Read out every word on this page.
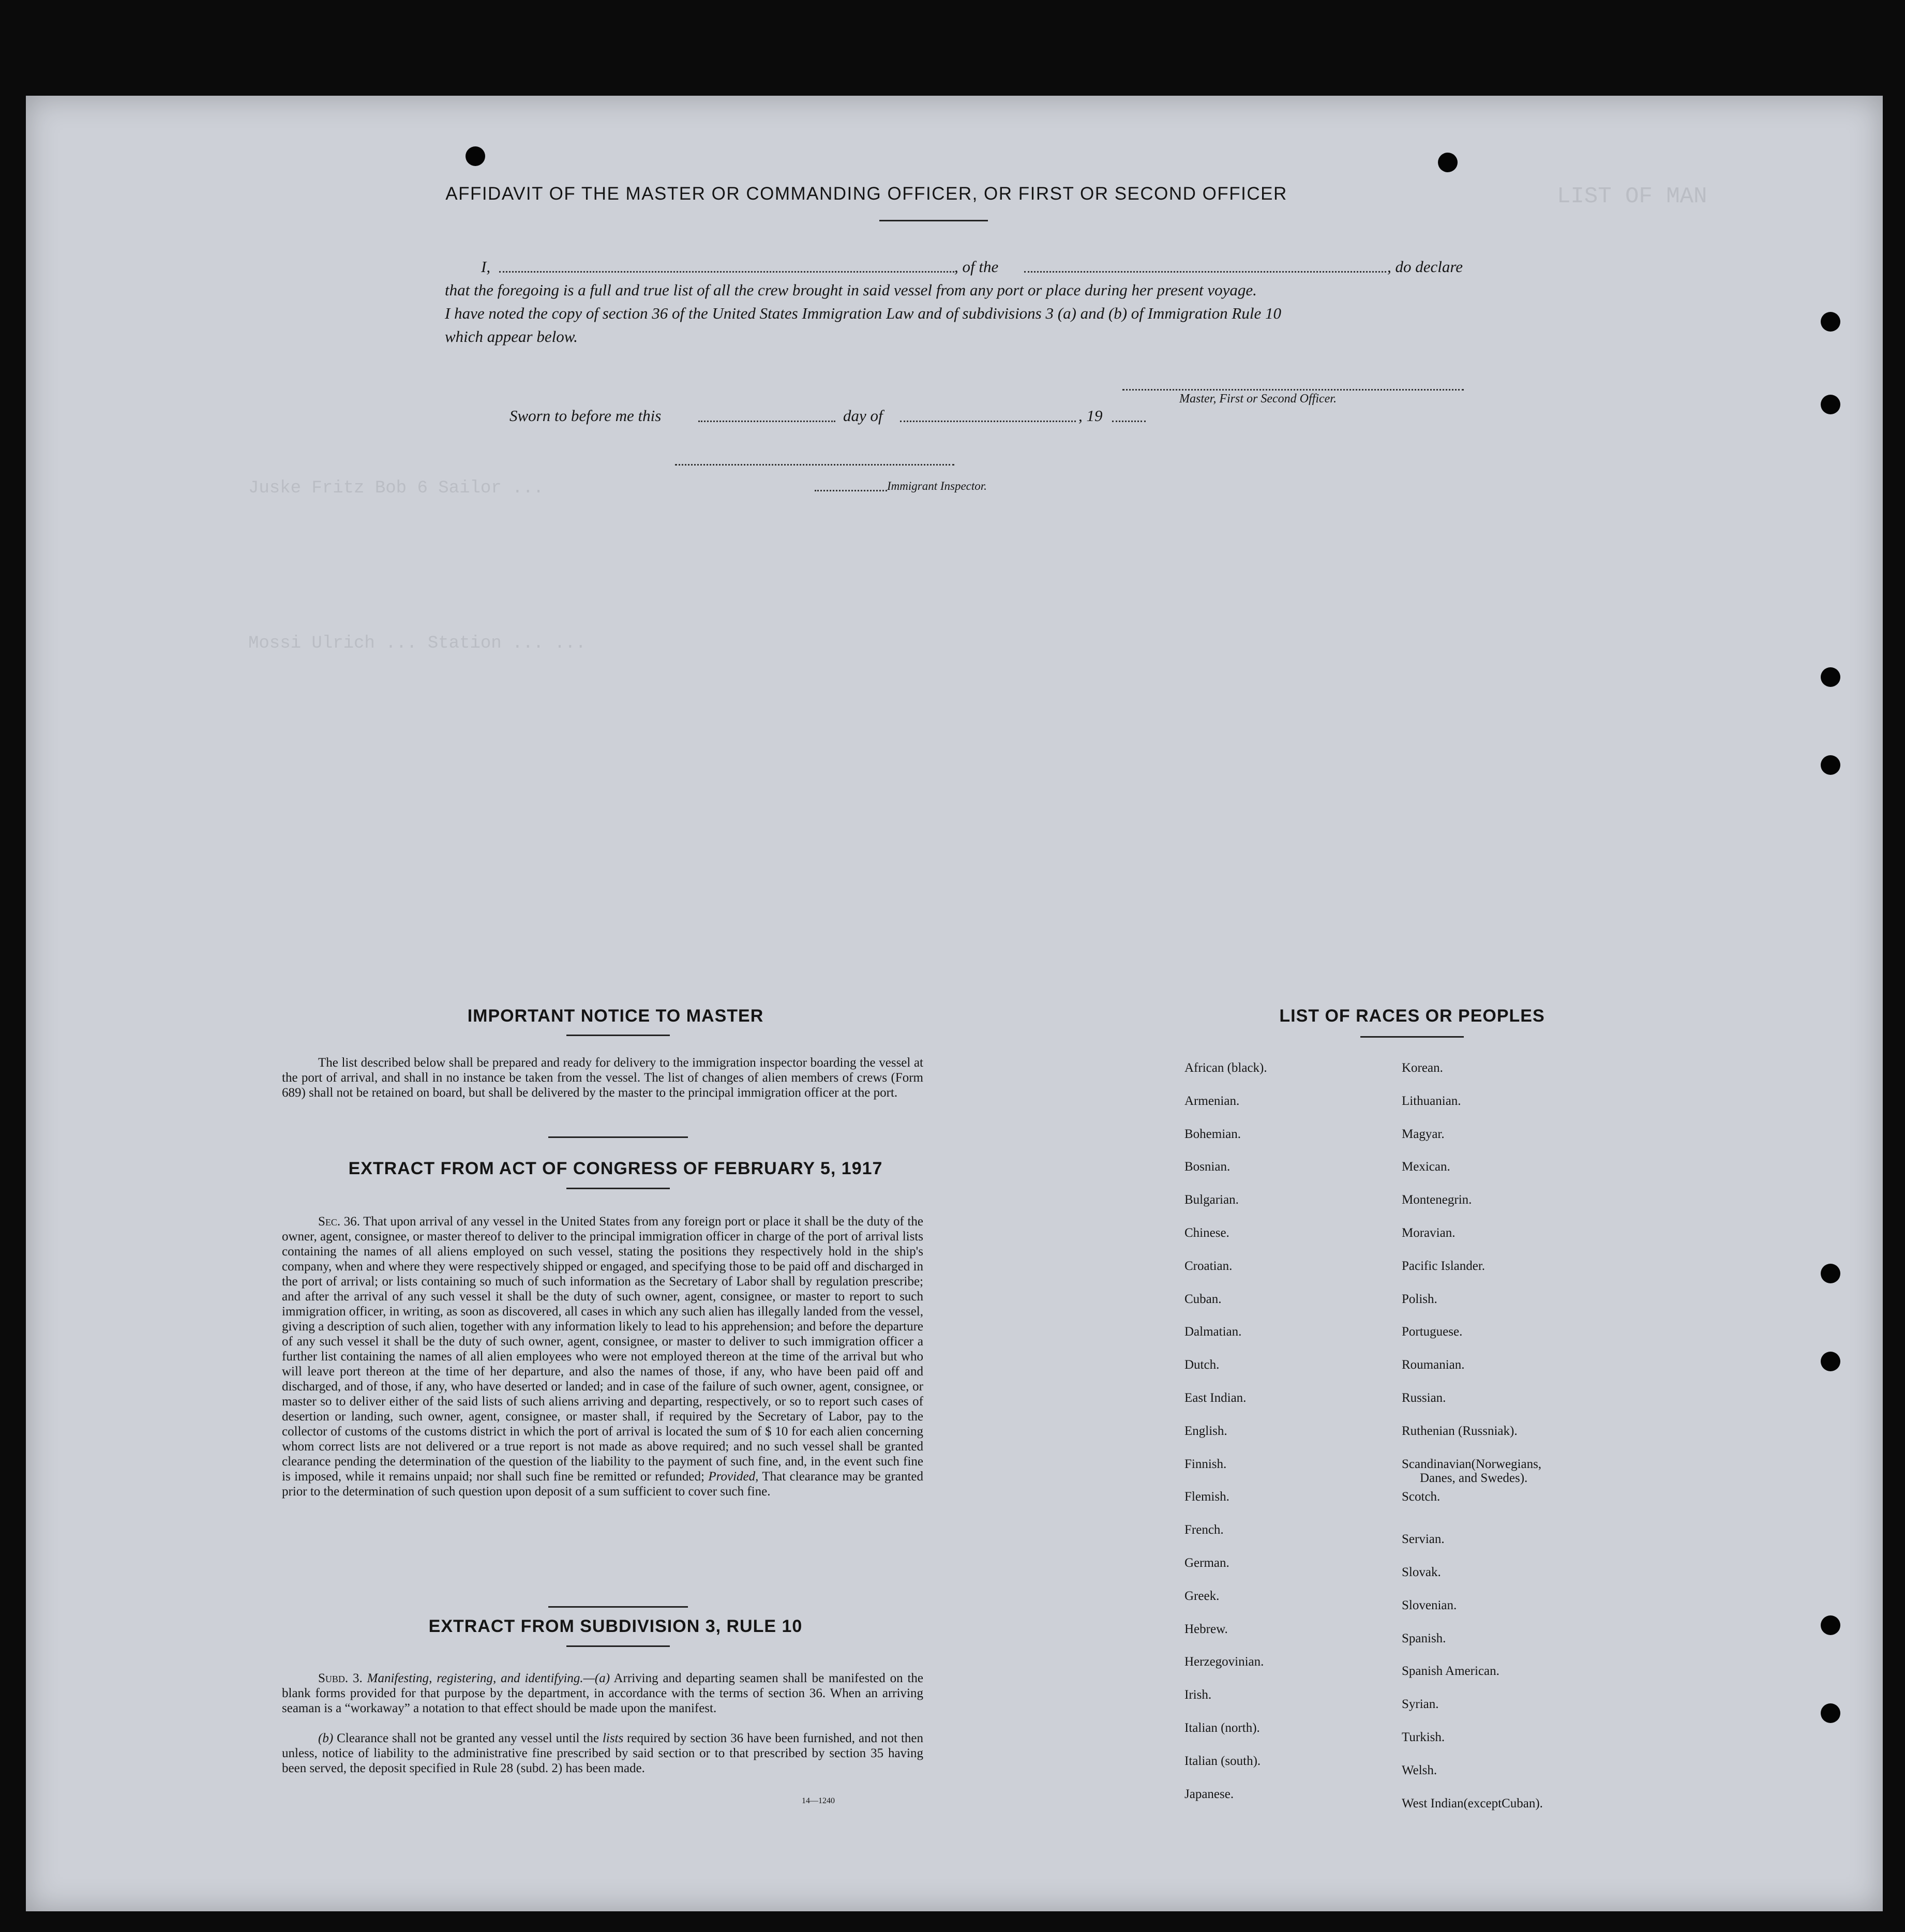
LIST OF MAN
Juske Fritz Bob 6 Sailor ...
Mossi Ulrich ... Station ... ...
AFFIDAVIT OF THE MASTER OR COMMANDING OFFICER, OR FIRST OR SECOND OFFICER
I,	, of the	, do declare
that the foregoing is a full and true list of all the crew brought in said vessel from any port or place during her present voyage.
I have noted the copy of section 36 of the United States Immigration Law and of subdivisions 3 (a) and (b) of Immigration Rule 10
which appear below.
Master, First or Second Officer.
Sworn to before me this	day of	, 19
Immigrant Inspector.
IMPORTANT NOTICE TO MASTER
The list described below shall be prepared and ready for delivery to the immigration inspector boarding the vessel at the port of arrival, and shall in no instance be taken from the vessel. The list of changes of alien members of crews (Form 689) shall not be retained on board, but shall be delivered by the master to the principal immigration officer at the port.
EXTRACT FROM ACT OF CONGRESS OF FEBRUARY 5, 1917
Sec. 36. That upon arrival of any vessel in the United States from any foreign port or place it shall be the duty of the owner, agent, consignee, or master thereof to deliver to the principal immigration officer in charge of the port of arrival lists containing the names of all aliens employed on such vessel, stating the positions they respectively hold in the ship's company, when and where they were respectively shipped or engaged, and specifying those to be paid off and discharged in the port of arrival; or lists containing so much of such information as the Secretary of Labor shall by regulation prescribe; and after the arrival of any such vessel it shall be the duty of such owner, agent, consignee, or master to report to such immigration officer, in writing, as soon as discovered, all cases in which any such alien has illegally landed from the vessel, giving a description of such alien, together with any information likely to lead to his apprehension; and before the departure of any such vessel it shall be the duty of such owner, agent, consignee, or master to deliver to such immigration officer a further list containing the names of all alien employees who were not employed thereon at the time of the arrival but who will leave port thereon at the time of her departure, and also the names of those, if any, who have been paid off and discharged, and of those, if any, who have deserted or landed; and in case of the failure of such owner, agent, consignee, or master so to deliver either of the said lists of such aliens arriving and departing, respectively, or so to report such cases of desertion or landing, such owner, agent, consignee, or master shall, if required by the Secretary of Labor, pay to the collector of customs of the customs district in which the port of arrival is located the sum of $ 10 for each alien concerning whom correct lists are not delivered or a true report is not made as above required; and no such vessel shall be granted clearance pending the determination of the question of the liability to the payment of such fine, and, in the event such fine is imposed, while it remains unpaid; nor shall such fine be remitted or refunded; Provided, That clearance may be granted prior to the determination of such question upon deposit of a sum sufficient to cover such fine.
EXTRACT FROM SUBDIVISION 3, RULE 10
Subd. 3. Manifesting, registering, and identifying.—(a) Arriving and departing seamen shall be manifested on the blank forms provided for that purpose by the department, in accordance with the terms of section 36. When an arriving seaman is a “workaway” a notation to that effect should be made upon the manifest.
(b) Clearance shall not be granted any vessel until the lists required by section 36 have been furnished, and not then unless, notice of liability to the administrative fine prescribed by said section or to that prescribed by section 35 having been served, the deposit specified in Rule 28 (subd. 2) has been made.
14—1240
LIST OF RACES OR PEOPLES
African (black).
Armenian.
Bohemian.
Bosnian.
Bulgarian.
Chinese.
Croatian.
Cuban.
Dalmatian.
Dutch.
East Indian.
English.
Finnish.
Flemish.
French.
German.
Greek.
Hebrew.
Herzegovinian.
Irish.
Italian (north).
Italian (south).
Japanese.
Korean.
Lithuanian.
Magyar.
Mexican.
Montenegrin.
Moravian.
Pacific Islander.
Polish.
Portuguese.
Roumanian.
Russian.
Ruthenian (Russniak).
Scandinavian(Norwegians,
Danes, and Swedes).
Scotch.
Servian.
Slovak.
Slovenian.
Spanish.
Spanish American.
Syrian.
Turkish.
Welsh.
West Indian(exceptCuban).
